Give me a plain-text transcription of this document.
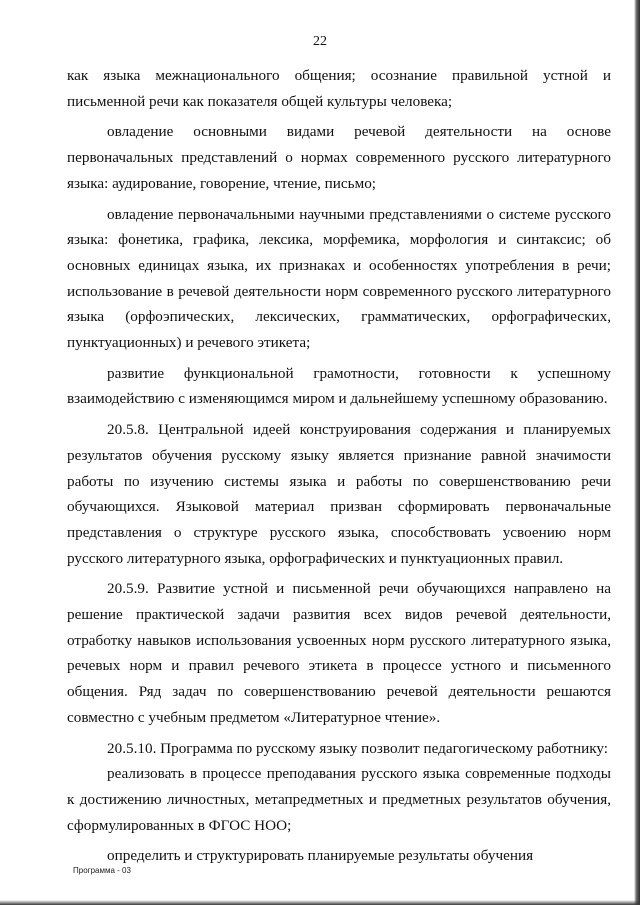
22

как языка межнационального общения; осознание правильной устной и письменной речи как показателя общей культуры человека;

овладение основными видами речевой деятельности на основе первоначальных представлений о нормах современного русского литературного языка: аудирование, говорение, чтение, письмо;

овладение первоначальными научными представлениями о системе русского языка: фонетика, графика, лексика, морфемика, морфология и синтаксис; об основных единицах языка, их признаках и особенностях употребления в речи; использование в речевой деятельности норм современного русского литературного языка (орфоэпических, лексических, грамматических, орфографических, пунктуационных) и речевого этикета;

развитие функциональной грамотности, готовности к успешному взаимодействию с изменяющимся миром и дальнейшему успешному образованию.

20.5.8. Центральной идеей конструирования содержания и планируемых результатов обучения русскому языку является признание равной значимости работы по изучению системы языка и работы по совершенствованию речи обучающихся. Языковой материал призван сформировать первоначальные представления о структуре русского языка, способствовать усвоению норм русского литературного языка, орфографических и пунктуационных правил.

20.5.9. Развитие устной и письменной речи обучающихся направлено на решение практической задачи развития всех видов речевой деятельности, отработку навыков использования усвоенных норм русского литературного языка, речевых норм и правил речевого этикета в процессе устного и письменного общения. Ряд задач по совершенствованию речевой деятельности решаются совместно с учебным предметом «Литературное чтение».

20.5.10. Программа по русскому языку позволит педагогическому работнику:

реализовать в процессе преподавания русского языка современные подходы к достижению личностных, метапредметных и предметных результатов обучения, сформулированных в ФГОС НОО;

определить и структурировать планируемые результаты обучения

Программа - 03
